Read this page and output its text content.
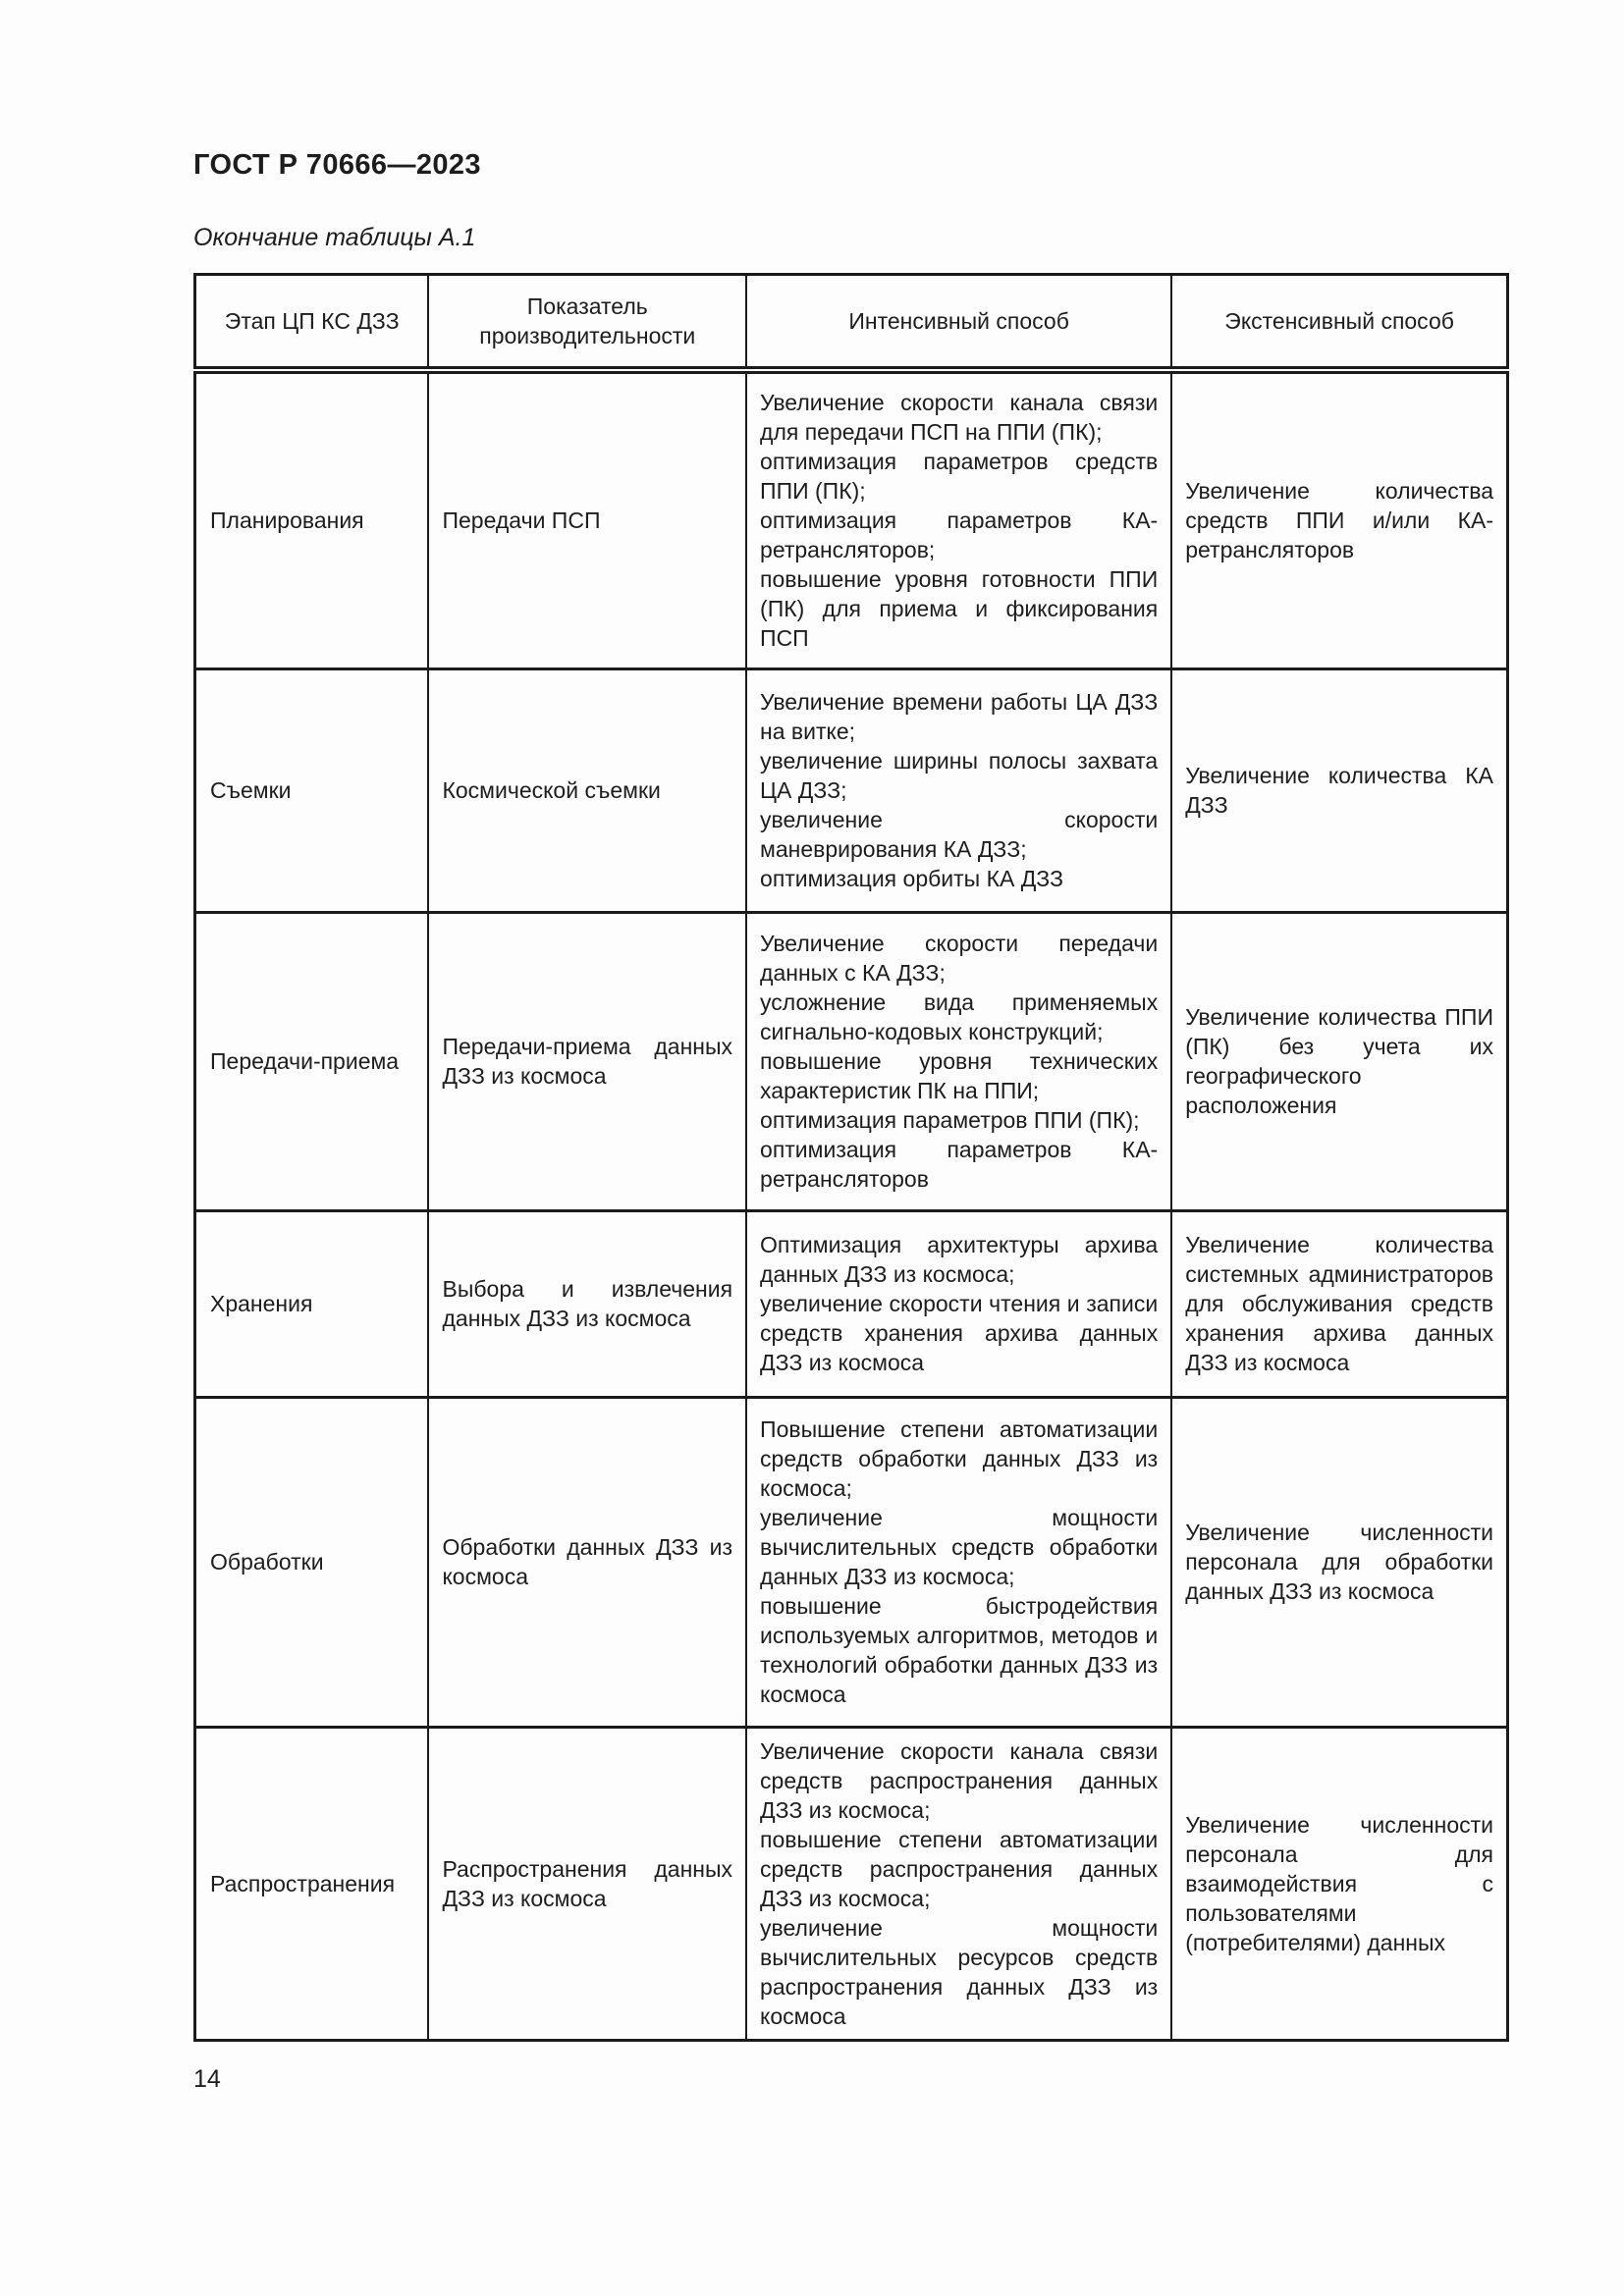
ГОСТ Р 70666—2023
Окончание таблицы А.1
Этап ЦП КС ДЗЗ	Показатель производительности	Интенсивный способ	Экстенсивный способ
Планирования	Передачи ПСП	Увеличение скорости канала связи для передачи ПСП на ППИ (ПК);
оптимизация параметров средств ППИ (ПК);
оптимизация параметров КА-ретрансляторов;
повышение уровня готовности ППИ (ПК) для приема и фиксирования ПСП	Увеличение количества средств ППИ и/или КА-ретрансляторов

Съемки	Космической съемки	Увеличение времени работы ЦА ДЗЗ на витке;
увеличение ширины полосы захвата ЦА ДЗЗ;
увеличение скорости маневрирования КА ДЗЗ;
оптимизация орбиты КА ДЗЗ	Увеличение количества КА ДЗЗ

Передачи-приема	Передачи-приема данных ДЗЗ из космоса	Увеличение скорости передачи данных с КА ДЗЗ;
усложнение вида применяемых сигнально-кодовых конструкций;
повышение уровня технических характеристик ПК на ППИ;
оптимизация параметров ППИ (ПК);
оптимизация параметров КА-ретрансляторов	Увеличение количества ППИ (ПК) без учета их географического расположения

Хранения	Выбора и извлечения данных ДЗЗ из космоса	Оптимизация архитектуры архива данных ДЗЗ из космоса;
увеличение скорости чтения и записи средств хранения архива данных ДЗЗ из космоса	Увеличение количества системных администраторов для обслуживания средств хранения архива данных ДЗЗ из космоса

Обработки	Обработки данных ДЗЗ из космоса	Повышение степени автоматизации средств обработки данных ДЗЗ из космоса;
увеличение мощности вычислительных средств обработки данных ДЗЗ из космоса;
повышение быстродействия используемых алгоритмов, методов и технологий обработки данных ДЗЗ из космоса	Увеличение численности персонала для обработки данных ДЗЗ из космоса

Распространения	Распространения данных ДЗЗ из космоса	Увеличение скорости канала связи средств распространения данных ДЗЗ из космоса;
повышение степени автоматизации средств распространения данных ДЗЗ из космоса;
увеличение мощности вычислительных ресурсов средств распространения данных ДЗЗ из космоса	Увеличение численности персонала для взаимодействия с пользователями (потребителями) данных
14
